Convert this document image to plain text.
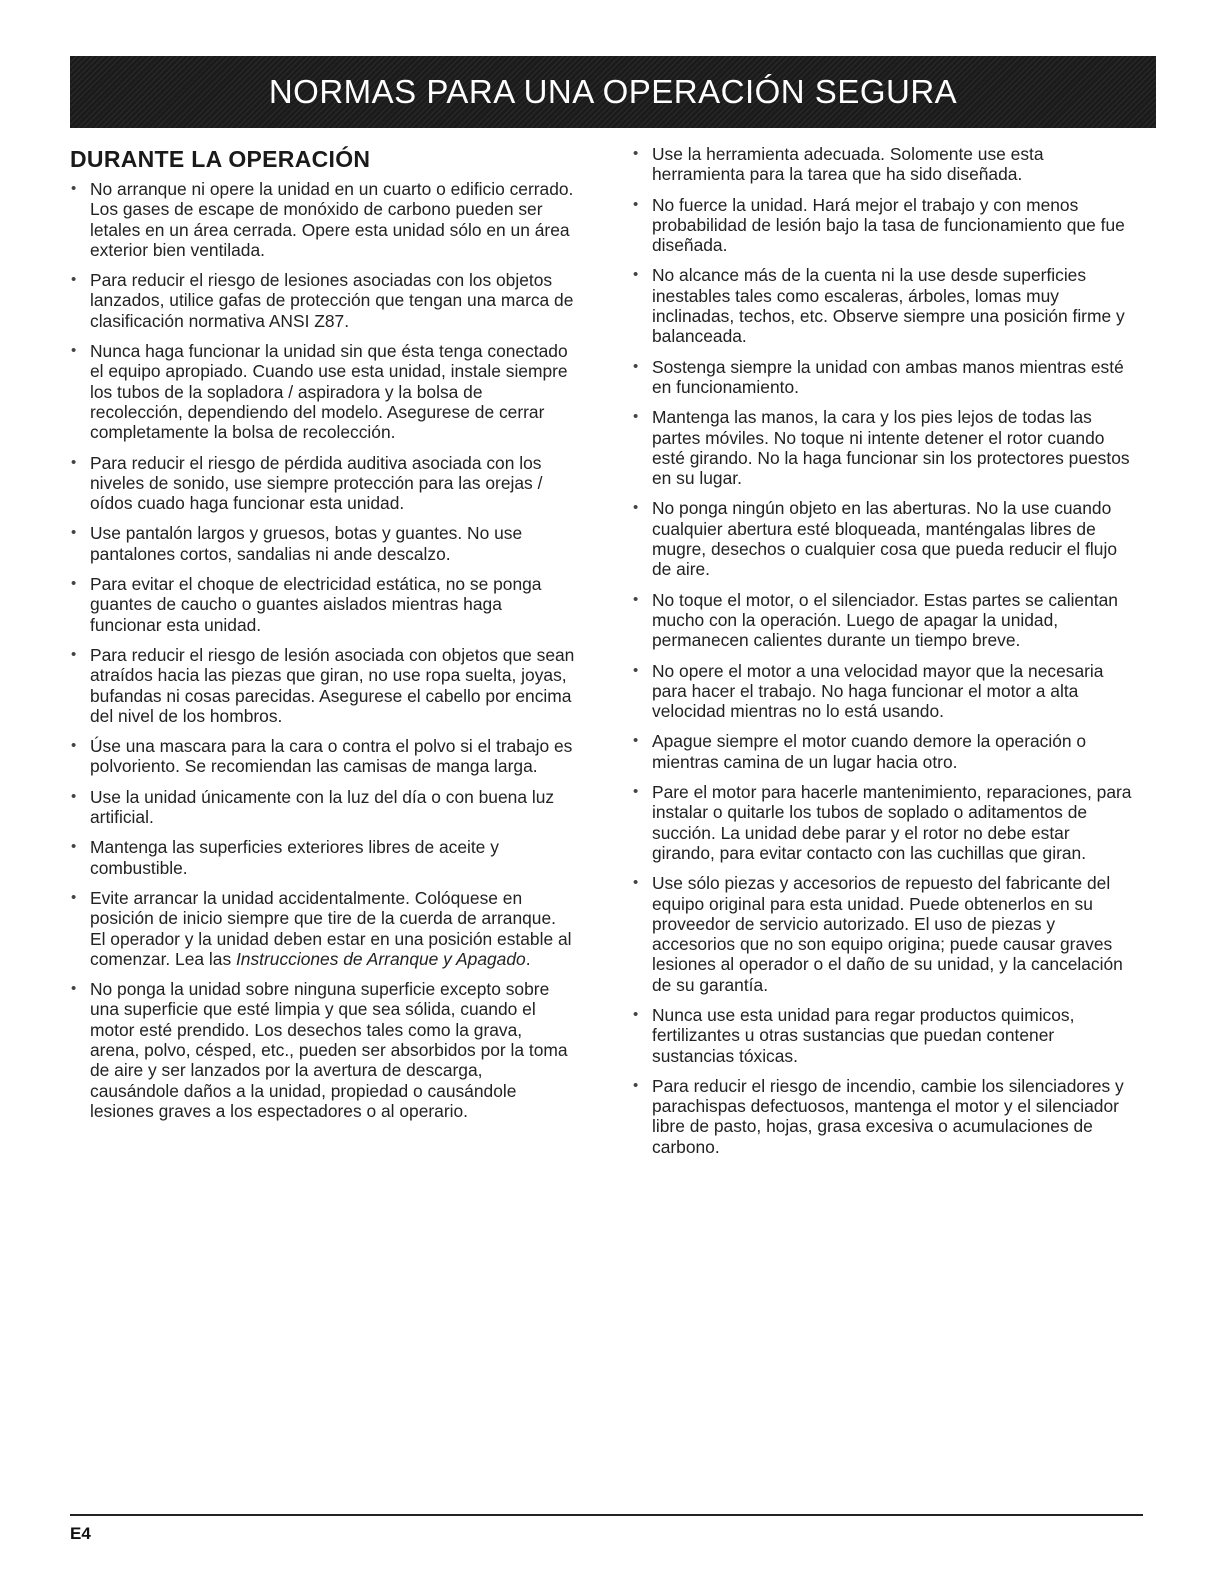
NORMAS PARA UNA OPERACIÓN SEGURA
DURANTE LA OPERACIÓN
• No arranque ni opere la unidad en un cuarto o edificio cerrado. Los gases de escape de monóxido de carbono pueden ser letales en un área cerrada. Opere esta unidad sólo en un área exterior bien ventilada.
• Para reducir el riesgo de lesiones asociadas con los objetos lanzados, utilice gafas de protección que tengan una marca de clasificación normativa ANSI Z87.
• Nunca haga funcionar la unidad sin que ésta tenga conectado el equipo apropiado. Cuando use esta unidad, instale siempre los tubos de la sopladora / aspiradora y la bolsa de recolección, dependiendo del modelo. Asegurese de cerrar completamente la bolsa de recolección.
• Para reducir el riesgo de pérdida auditiva asociada con los niveles de sonido, use siempre protección para las orejas / oídos cuado haga funcionar esta unidad.
• Use pantalón largos y gruesos, botas y guantes. No use pantalones cortos, sandalias ni ande descalzo.
• Para evitar el choque de electricidad estática, no se ponga guantes de caucho o guantes aislados mientras haga funcionar esta unidad.
• Para reducir el riesgo de lesión asociada con objetos que sean atraídos hacia las piezas que giran, no use ropa suelta, joyas, bufandas ni cosas parecidas. Asegurese el cabello por encima del nivel de los hombros.
• Úse una mascara para la cara o contra el polvo si el trabajo es polvoriento. Se recomiendan las camisas de manga larga.
• Use la unidad únicamente con la luz del día o con buena luz artificial.
• Mantenga las superficies exteriores libres de aceite y combustible.
• Evite arrancar la unidad accidentalmente. Colóquese en posición de inicio siempre que tire de la cuerda de arranque. El operador y la unidad deben estar en una posición estable al comenzar. Lea las Instrucciones de Arranque y Apagado.
• No ponga la unidad sobre ninguna superficie excepto sobre una superficie que esté limpia y que sea sólida, cuando el motor esté prendido. Los desechos tales como la grava, arena, polvo, césped, etc., pueden ser absorbidos por la toma de aire y ser lanzados por la avertura de descarga, causándole daños a la unidad, propiedad o causándole lesiones graves a los espectadores o al operario.
• Use la herramienta adecuada. Solomente use esta herramienta para la tarea que ha sido diseñada.
• No fuerce la unidad. Hará mejor el trabajo y con menos probabilidad de lesión bajo la tasa de funcionamiento que fue diseñada.
• No alcance más de la cuenta ni la use desde superficies inestables tales como escaleras, árboles, lomas muy inclinadas, techos, etc. Observe siempre una posición firme y balanceada.
• Sostenga siempre la unidad con ambas manos mientras esté en funcionamiento.
• Mantenga las manos, la cara y los pies lejos de todas las partes móviles. No toque ni intente detener el rotor cuando esté girando. No la haga funcionar sin los protectores puestos en su lugar.
• No ponga ningún objeto en las aberturas. No la use cuando cualquier abertura esté bloqueada, manténgalas libres de mugre, desechos o cualquier cosa que pueda reducir el flujo de aire.
• No toque el motor, o el silenciador. Estas partes se calientan mucho con la operación. Luego de apagar la unidad, permanecen calientes durante un tiempo breve.
• No opere el motor a una velocidad mayor que la necesaria para hacer el trabajo. No haga funcionar el motor a alta velocidad mientras no lo está usando.
• Apague siempre el motor cuando demore la operación o mientras camina de un lugar hacia otro.
• Pare el motor para hacerle mantenimiento, reparaciones, para instalar o quitarle los tubos de soplado o aditamentos de succión. La unidad debe parar y el rotor no debe estar girando, para evitar contacto con las cuchillas que giran.
• Use sólo piezas y accesorios de repuesto del fabricante del equipo original para esta unidad. Puede obtenerlos en su proveedor de servicio autorizado. El uso de piezas y accesorios que no son equipo origina; puede causar graves lesiones al operador o el daño de su unidad, y la cancelación de su garantía.
• Nunca use esta unidad para regar productos quimicos, fertilizantes u otras sustancias que puedan contener sustancias tóxicas.
• Para reducir el riesgo de incendio, cambie los silenciadores y parachispas defectuosos, mantenga el motor y el silenciador libre de pasto, hojas, grasa excesiva o acumulaciones de carbono.
E4
